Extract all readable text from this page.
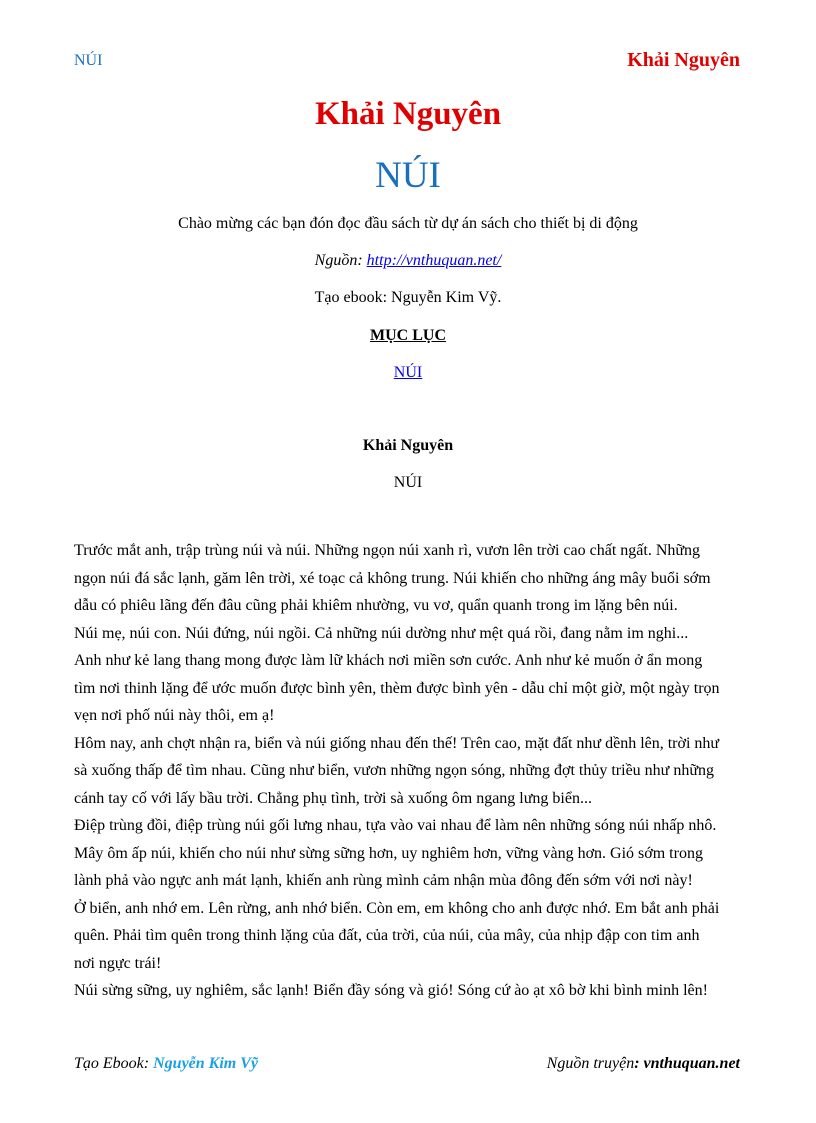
NÚI	Khải Nguyên
Khải Nguyên
NÚI
Chào mừng các bạn đón đọc đầu sách từ dự án sách cho thiết bị di động
Nguồn: http://vnthuquan.net/
Tạo ebook: Nguyễn Kim Vỹ.
MỤC LỤC
NÚI
Khải Nguyên
NÚI

Trước mắt anh, trập trùng núi và núi. Những ngọn núi xanh rì, vươn lên trời cao chất ngất. Những

ngọn núi đá sắc lạnh, găm lên trời, xé toạc cả không trung. Núi khiến cho những áng mây buổi sớm

dẫu có phiêu lãng đến đâu cũng phải khiêm nhường, vu vơ, quẩn quanh trong im lặng bên núi.

Núi mẹ, núi con. Núi đứng, núi ngồi. Cả những núi dường như mệt quá rồi, đang nằm im nghi...

Anh như kẻ lang thang mong được làm lữ khách nơi miền sơn cước. Anh như kẻ muốn ở ẩn mong

tìm nơi thinh lặng để ước muốn được bình yên, thèm được bình yên - dẫu chỉ một giờ, một ngày trọn

vẹn nơi phố núi này thôi, em ạ!

Hôm nay, anh chợt nhận ra, biển và núi giống nhau đến thế! Trên cao, mặt đất như dềnh lên, trời như

sà xuống thấp để tìm nhau. Cũng như biển, vươn những ngọn sóng, những đợt thủy triều như những

cánh tay cố với lấy bầu trời. Chẳng phụ tình, trời sà xuống ôm ngang lưng biển...

Điệp trùng đồi, điệp trùng núi gối lưng nhau, tựa vào vai nhau để làm nên những sóng núi nhấp nhô.

Mây ôm ấp núi, khiến cho núi như sừng sững hơn, uy nghiêm hơn, vững vàng hơn. Gió sớm trong

lành phả vào ngực anh mát lạnh, khiến anh rùng mình cảm nhận mùa đông đến sớm với nơi này!

Ở biển, anh nhớ em. Lên rừng, anh nhớ biển. Còn em, em không cho anh được nhớ. Em bắt anh phải

quên. Phải tìm quên trong thinh lặng của đất, của trời, của núi, của mây, của nhịp đập con tim anh

nơi ngực trái!

Núi sừng sững, uy nghiêm, sắc lạnh! Biển đầy sóng và gió! Sóng cứ ào ạt xô bờ khi bình minh lên!

Tạo Ebook: Nguyễn Kim Vỹ	Nguồn truyện: vnthuquan.net
